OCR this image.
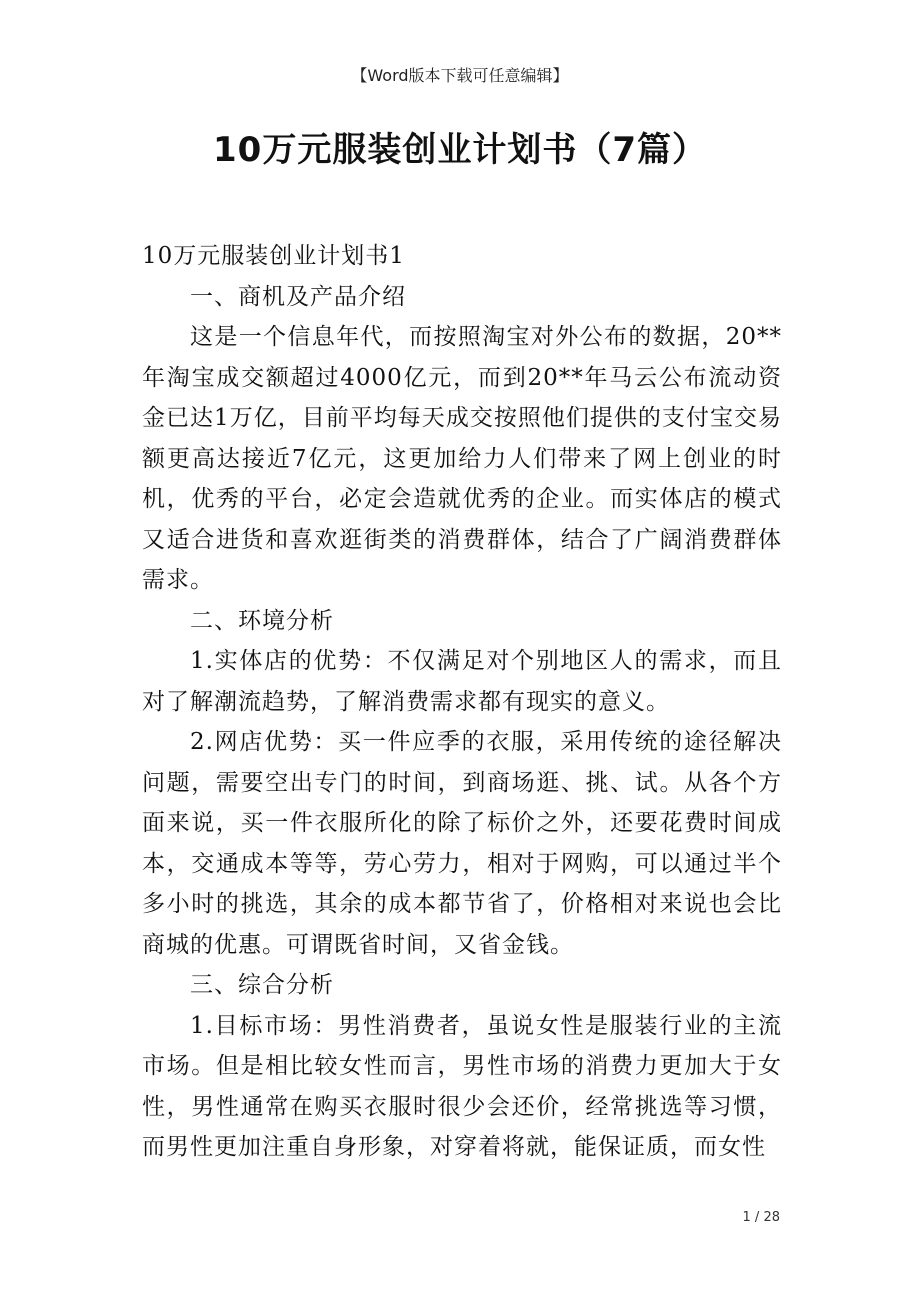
【Word版本下载可任意编辑】
10万元服装创业计划书（7篇）

10万元服装创业计划书1

一、商机及产品介绍

这是一个信息年代，而按照淘宝对外公布的数据，20**年淘宝成交额超过4000亿元，而到20**年马云公布流动资金已达1万亿，目前平均每天成交按照他们提供的支付宝交易额更高达接近7亿元，这更加给力人们带来了网上创业的时机，优秀的平台，必定会造就优秀的企业。而实体店的模式又适合进货和喜欢逛街类的消费群体，结合了广阔消费群体需求。

二、环境分析

1.实体店的优势：不仅满足对个别地区人的需求，而且对了解潮流趋势，了解消费需求都有现实的意义。

2.网店优势：买一件应季的衣服，采用传统的途径解决问题，需要空出专门的时间，到商场逛、挑、试。从各个方面来说，买一件衣服所化的除了标价之外，还要花费时间成本，交通成本等等，劳心劳力，相对于网购，可以通过半个多小时的挑选，其余的成本都节省了，价格相对来说也会比商城的优惠。可谓既省时间，又省金钱。

三、综合分析

1.目标市场：男性消费者，虽说女性是服装行业的主流市场。但是相比较女性而言，男性市场的消费力更加大于女性，男性通常在购买衣服时很少会还价，经常挑选等习惯，而男性更加注重自身形象，对穿着将就，能保证质，而女性

1 / 28
